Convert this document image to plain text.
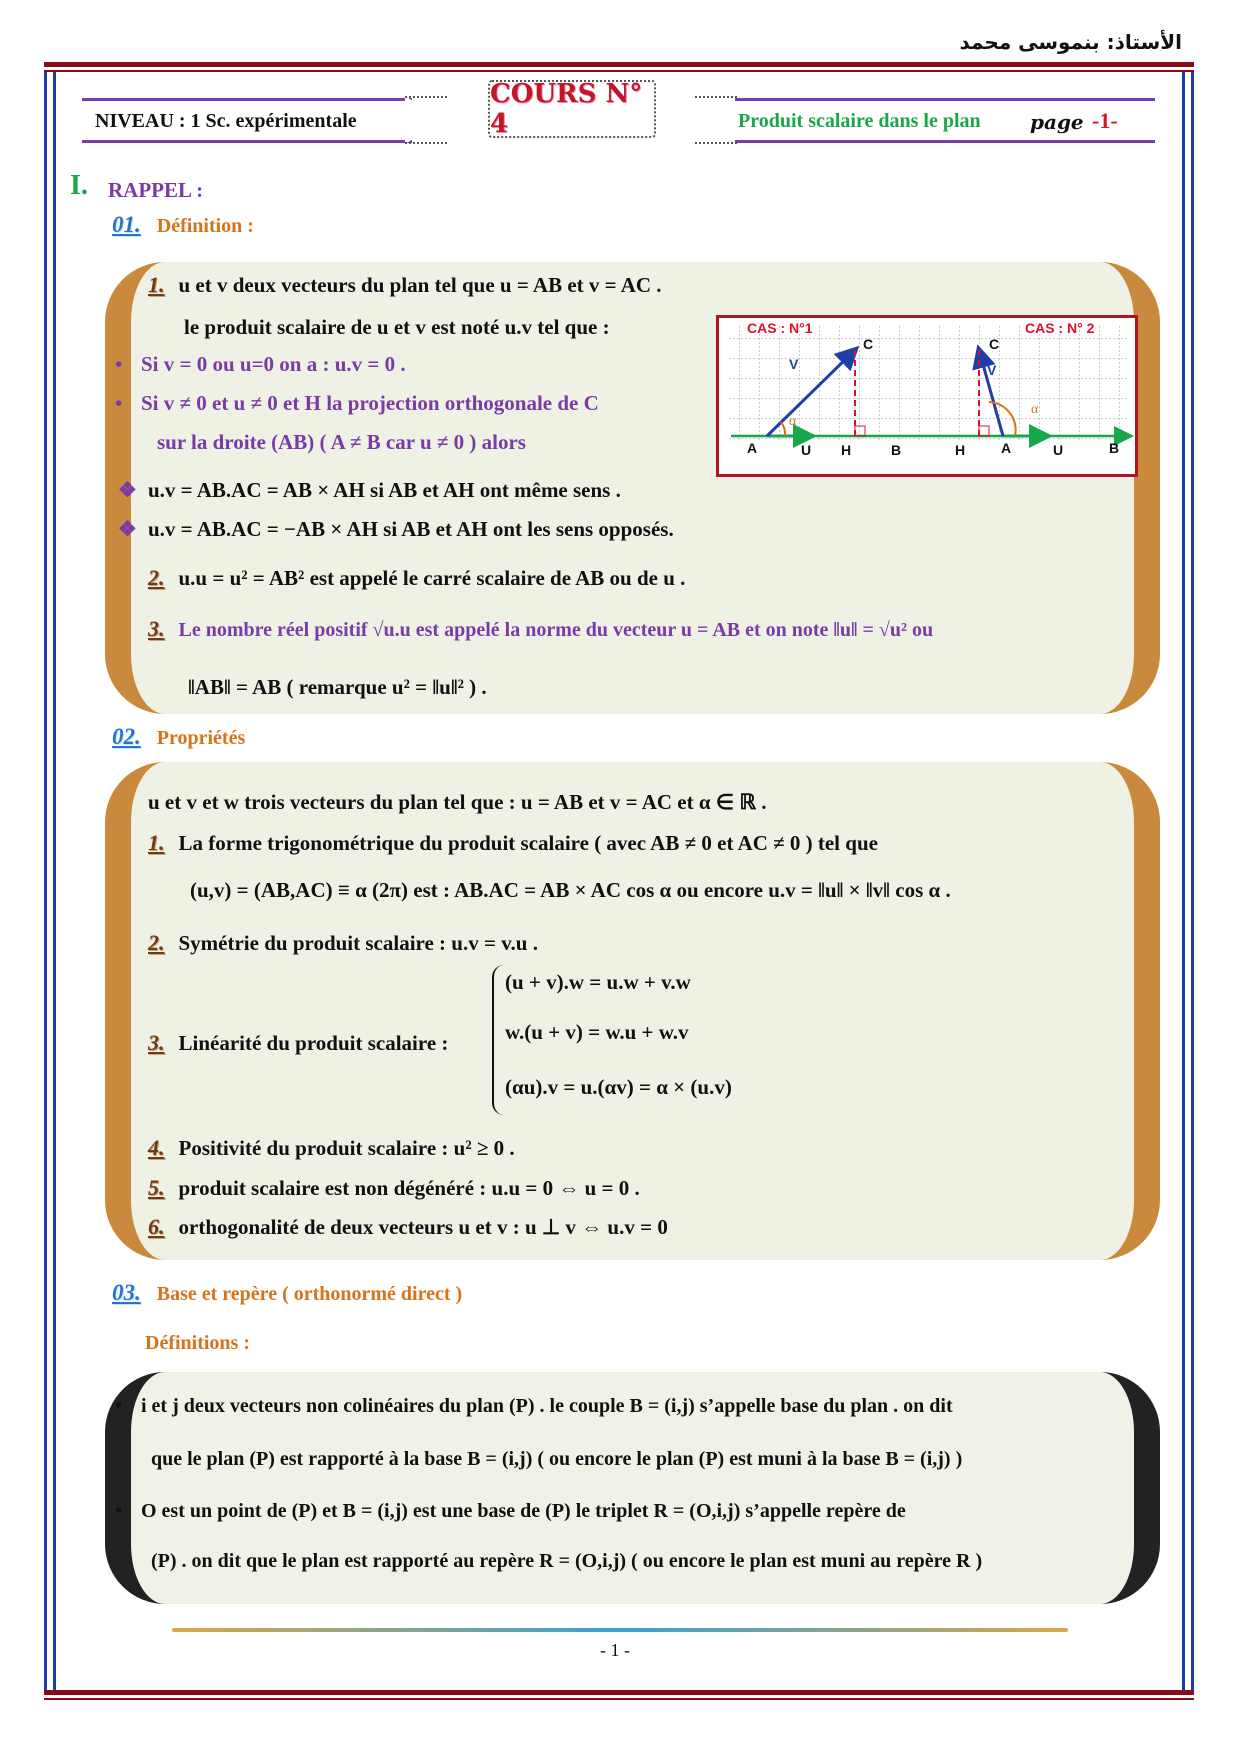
الأستاذ: بنموسى محمد
NIVEAU : 1 Sc. expérimentale
COURS N° 4	Produit scalaire dans le plan page -1-
I. RAPPEL :
01. Définition :
1. u et v deux vecteurs du plan tel que u = AB et v = AC .
le produit scalaire de u et v est noté u.v tel que :
• Si v = 0 ou u=0 on a : u.v = 0 .
• Si v ≠ 0 et u ≠ 0 et H la projection orthogonale de C
sur la droite (AB) ( A ≠ B car u ≠ 0 ) alors
❖ u.v = AB.AC = AB × AH si AB et AH ont même sens .
❖ u.v = AB.AC = −AB × AH si AB et AH ont les sens opposés.
2. u.u = u² = AB² est appelé le carré scalaire de AB ou de u .
3. Le nombre réel positif √u.u est appelé la norme du vecteur u = AB et on note ‖u‖ = √u² ou
‖AB‖ = AB ( remarque u² = ‖u‖² ) .
CAS : N°1	CAS : N° 2
A	U H	B
C
V
α
H	A	U	B
C
V
α
02. Propriétés
u et v et w trois vecteurs du plan tel que : u = AB et v = AC et α ∈ ℝ .
1. La forme trigonométrique du produit scalaire ( avec AB ≠ 0 et AC ≠ 0 ) tel que
(u,v) = (AB,AC) ≡ α (2π) est : AB.AC = AB × AC cos α ou encore u.v = ‖u‖ × ‖v‖ cos α .
2. Symétrie du produit scalaire : u.v = v.u .
3. Linéarité du produit scalaire :
(u + v).w = u.w + v.w
w.(u + v) = w.u + w.v
(αu).v = u.(αv) = α × (u.v)
4. Positivité du produit scalaire : u² ≥ 0 .
5. produit scalaire est non dégénéré : u.u = 0 ⇔ u = 0 .
6. orthogonalité de deux vecteurs u et v : u ⊥ v ⇔ u.v = 0
03. Base et repère ( orthonormé direct )
Définitions :
• i et j deux vecteurs non colinéaires du plan (P) . le couple B = (i,j) s’appelle base du plan . on dit
que le plan (P) est rapporté à la base B = (i,j) ( ou encore le plan (P) est muni à la base B = (i,j) )
• O est un point de (P) et B = (i,j) est une base de (P) le triplet R = (O,i,j) s’appelle repère de
(P) . on dit que le plan est rapporté au repère R = (O,i,j) ( ou encore le plan est muni au repère R )
- 1 -
